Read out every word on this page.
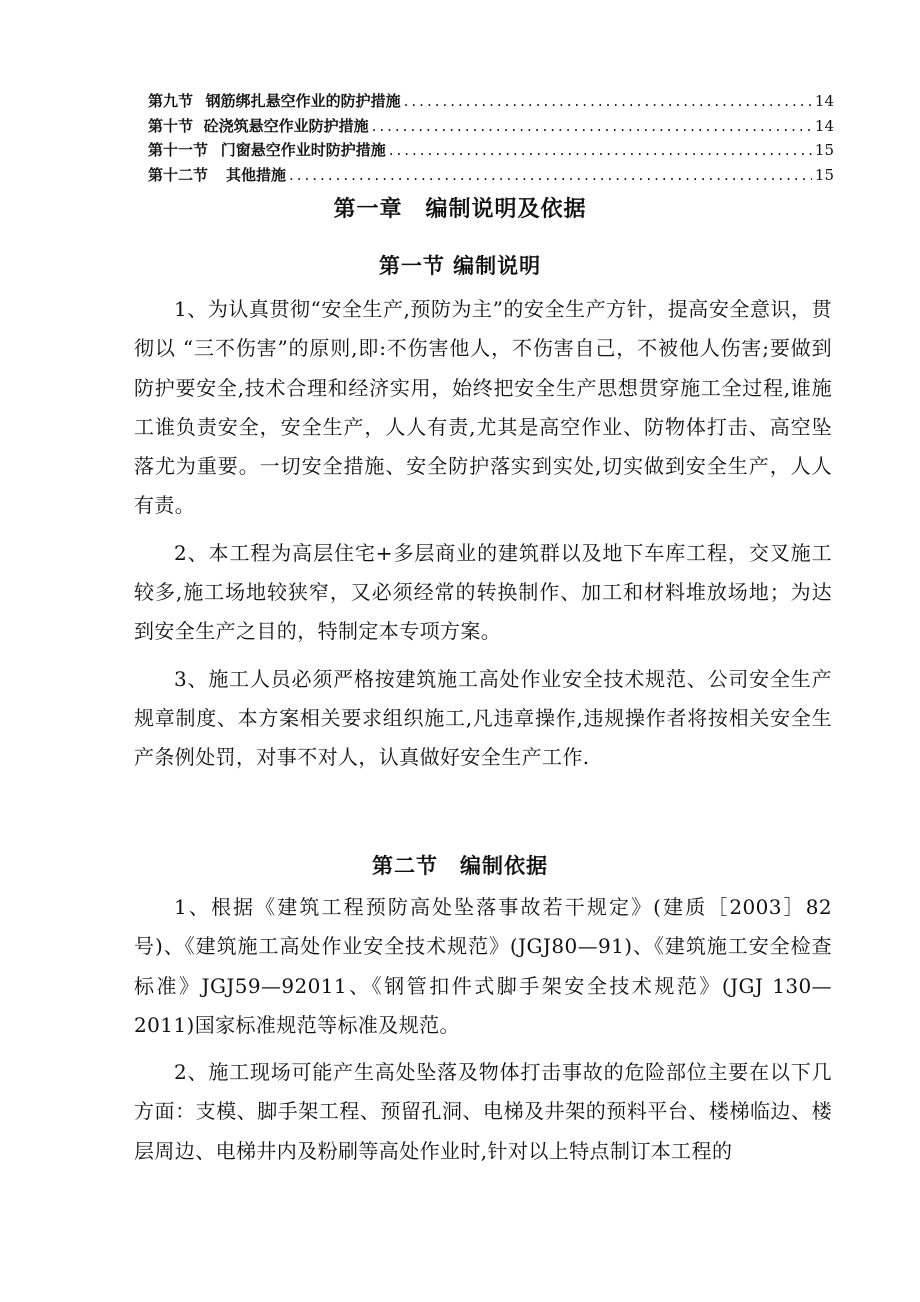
第九节 钢筋绑扎悬空作业的防护措施 .....	14
第十节 砼浇筑悬空作业防护措施 .....	14
第十一节 门窗悬空作业时防护措施 .....	15
第十二节 其他措施 .....	15
第一章　编制说明及依据
第一节 编制说明

1、为认真贯彻“安全生产,预防为主”的安全生产方针，提高安全意识，贯彻以 “三不伤害”的原则,即:不伤害他人，不伤害自己，不被他人伤害;要做到防护要安全,技术合理和经济实用，始终把安全生产思想贯穿施工全过程,谁施工谁负责安全，安全生产，人人有责,尤其是高空作业、防物体打击、高空坠落尤为重要。一切安全措施、安全防护落实到实处,切实做到安全生产，人人有责。

2、本工程为高层住宅+多层商业的建筑群以及地下车库工程，交叉施工较多,施工场地较狭窄，又必须经常的转换制作、加工和材料堆放场地；为达到安全生产之目的，特制定本专项方案。

3、施工人员必须严格按建筑施工高处作业安全技术规范、公司安全生产规章制度、本方案相关要求组织施工,凡违章操作,违规操作者将按相关安全生产条例处罚，对事不对人，认真做好安全生产工作.

第二节　编制依据

1、根据《建筑工程预防高处坠落事故若干规定》(建质［2003］82号)、《建筑施工高处作业安全技术规范》(JGJ80—91)、《建筑施工安全检查标准》JGJ59—92011、《钢管扣件式脚手架安全技术规范》(JGJ 130—2011)国家标准规范等标准及规范。

2、施工现场可能产生高处坠落及物体打击事故的危险部位主要在以下几方面：支模、脚手架工程、预留孔洞、电梯及井架的预料平台、楼梯临边、楼层周边、电梯井内及粉刷等高处作业时,针对以上特点制订本工程的
